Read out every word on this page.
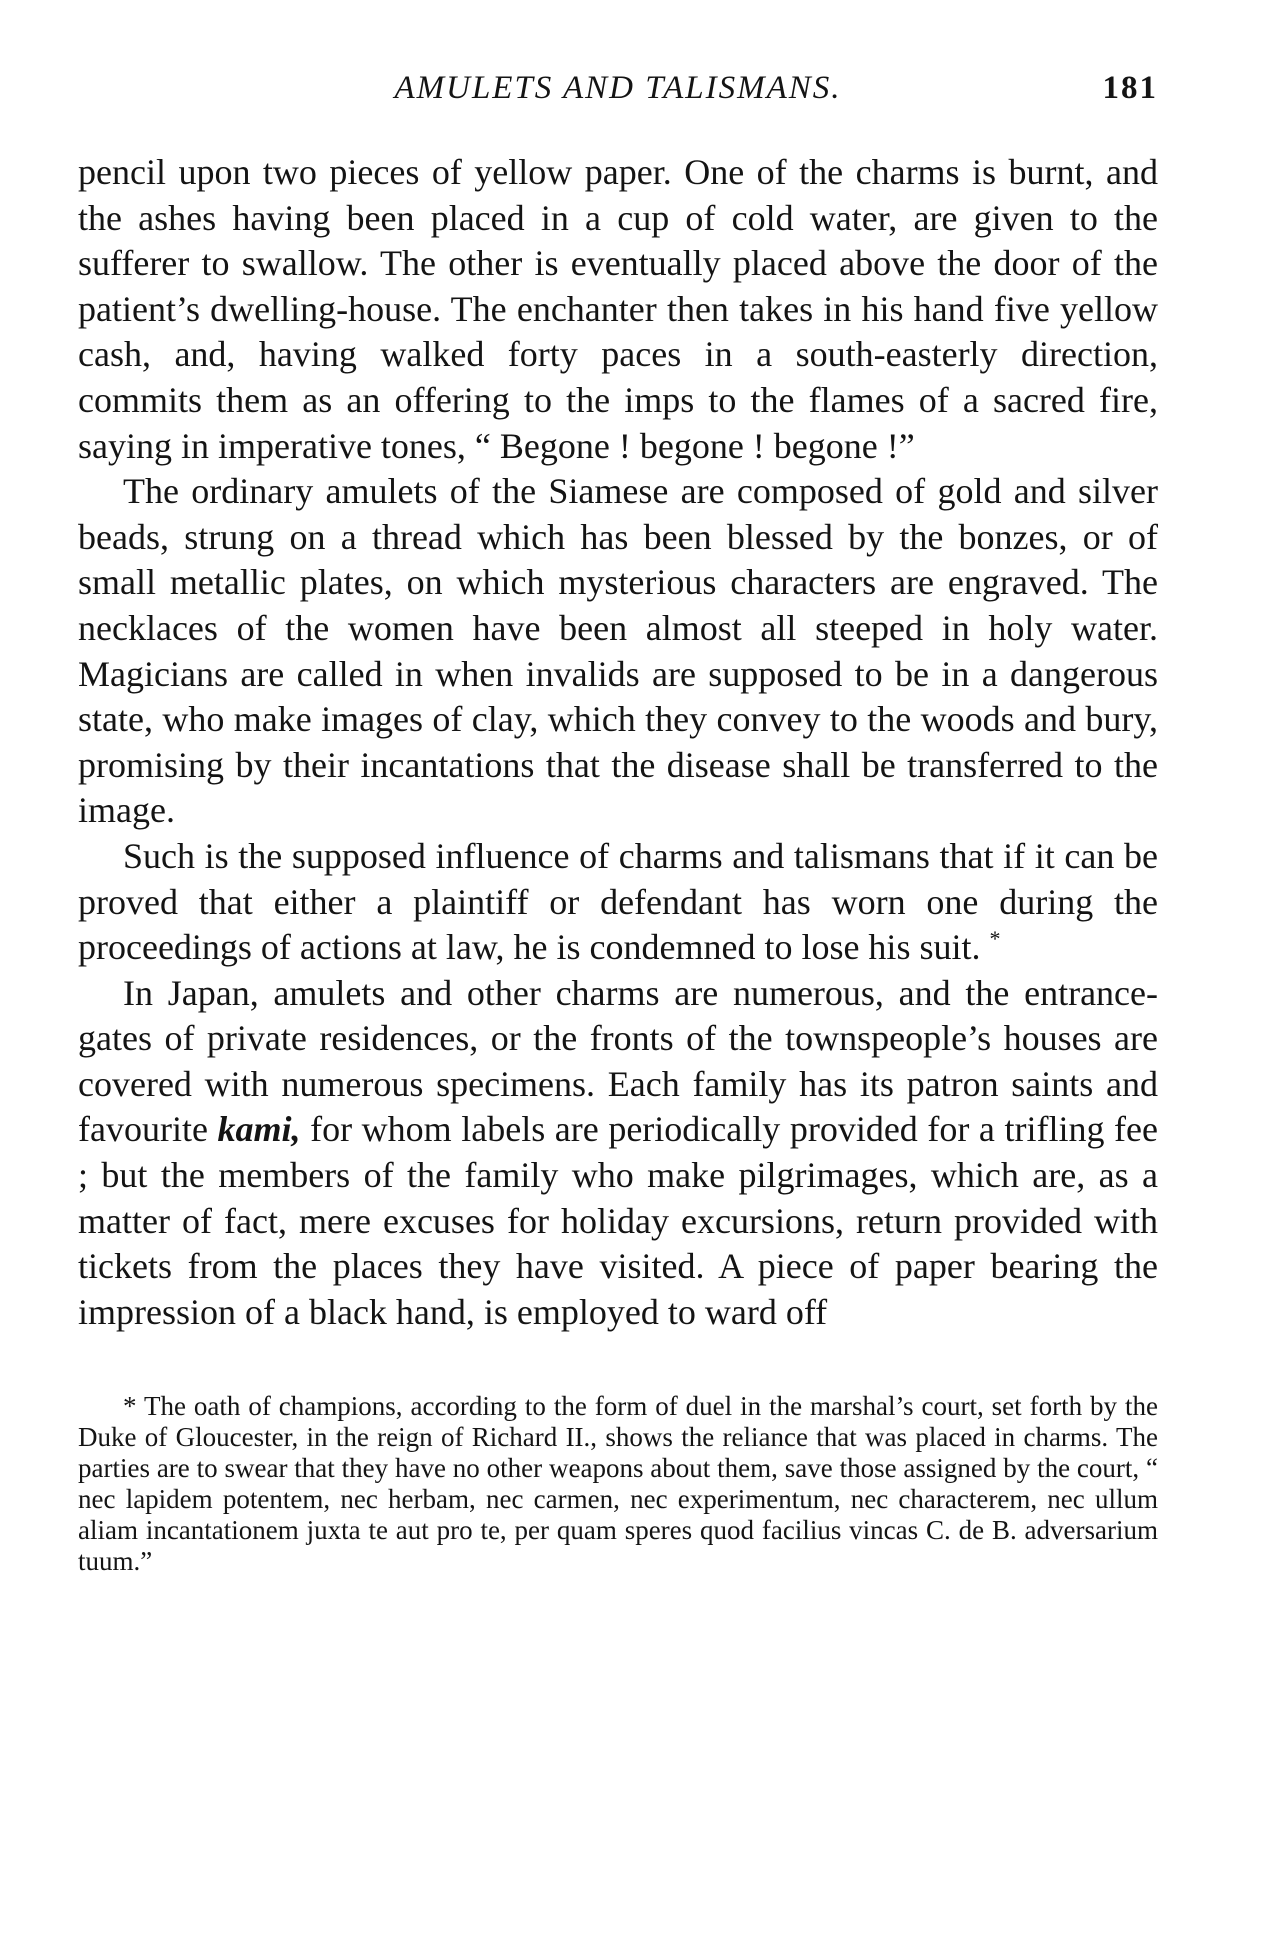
AMULETS AND TALISMANS.	181

pencil upon two pieces of yellow paper. One of the charms is burnt, and the ashes having been placed in a cup of cold water, are given to the sufferer to swallow. The other is eventually placed above the door of the patient’s dwelling-house. The enchanter then takes in his hand five yellow cash, and, having walked forty paces in a south-easterly direction, commits them as an offering to the imps to the flames of a sacred fire, saying in imperative tones, “ Begone ! begone ! begone !”

The ordinary amulets of the Siamese are composed of gold and silver beads, strung on a thread which has been blessed by the bonzes, or of small metallic plates, on which mysterious characters are engraved. The necklaces of the women have been almost all steeped in holy water. Magicians are called in when invalids are supposed to be in a dangerous state, who make images of clay, which they convey to the woods and bury, promising by their incantations that the disease shall be transferred to the image.

Such is the supposed influence of charms and talismans that if it can be proved that either a plaintiff or defendant has worn one during the proceedings of actions at law, he is condemned to lose his suit. *

In Japan, amulets and other charms are numerous, and the entrance-gates of private residences, or the fronts of the townspeople’s houses are covered with numerous specimens. Each family has its patron saints and favourite kami, for whom labels are periodically provided for a trifling fee ; but the members of the family who make pilgrimages, which are, as a matter of fact, mere excuses for holiday excursions, return provided with tickets from the places they have visited. A piece of paper bearing the impression of a black hand, is employed to ward off

* The oath of champions, according to the form of duel in the marshal’s court, set forth by the Duke of Gloucester, in the reign of Richard II., shows the reliance that was placed in charms. The parties are to swear that they have no other weapons about them, save those assigned by the court, “ nec lapidem potentem, nec herbam, nec carmen, nec experimentum, nec characterem, nec ullum aliam incantationem juxta te aut pro te, per quam speres quod facilius vincas C. de B. adversarium tuum.”
